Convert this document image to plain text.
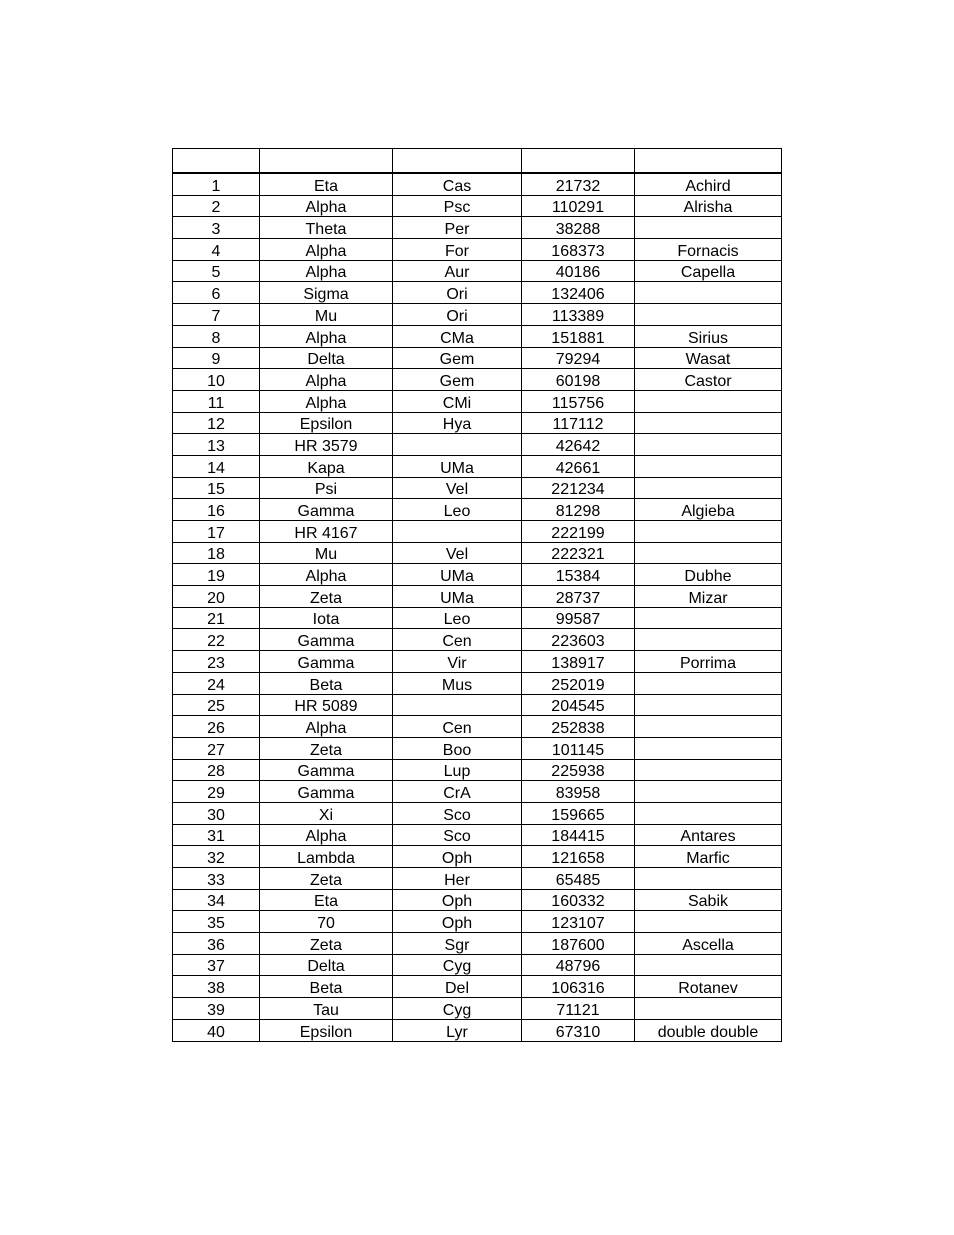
1	Eta	Cas	21732	Achird
2	Alpha	Psc	110291	Alrisha
3	Theta	Per	38288	
4	Alpha	For	168373	Fornacis
5	Alpha	Aur	40186	Capella
6	Sigma	Ori	132406	
7	Mu	Ori	113389	
8	Alpha	CMa	151881	Sirius
9	Delta	Gem	79294	Wasat
10	Alpha	Gem	60198	Castor
11	Alpha	CMi	115756	
12	Epsilon	Hya	117112	
13	HR 3579		42642	
14	Kapa	UMa	42661	
15	Psi	Vel	221234	
16	Gamma	Leo	81298	Algieba
17	HR 4167		222199	
18	Mu	Vel	222321	
19	Alpha	UMa	15384	Dubhe
20	Zeta	UMa	28737	Mizar
21	Iota	Leo	99587	
22	Gamma	Cen	223603	
23	Gamma	Vir	138917	Porrima
24	Beta	Mus	252019	
25	HR 5089		204545	
26	Alpha	Cen	252838	
27	Zeta	Boo	101145	
28	Gamma	Lup	225938	
29	Gamma	CrA	83958	
30	Xi	Sco	159665	
31	Alpha	Sco	184415	Antares
32	Lambda	Oph	121658	Marfic
33	Zeta	Her	65485	
34	Eta	Oph	160332	Sabik
35	70	Oph	123107	
36	Zeta	Sgr	187600	Ascella
37	Delta	Cyg	48796	
38	Beta	Del	106316	Rotanev
39	Tau	Cyg	71121	
40	Epsilon	Lyr	67310	double double
